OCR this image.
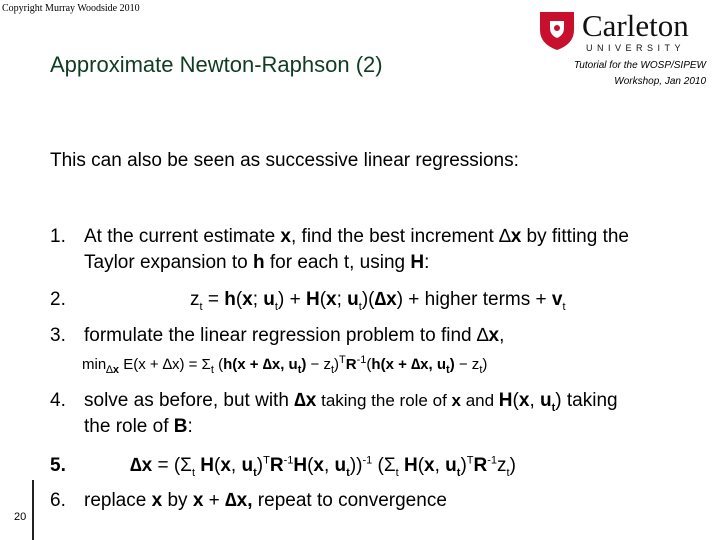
Copyright Murray Woodside 2010
Approximate Newton-Raphson (2)
Carleton
UNIVERSITY
Tutorial for the WOSP/SIPEW
Workshop, Jan 2010
This can also be seen as successive linear regressions:
1. At the current estimate x, find the best increment ∆x by fitting the
Taylor expansion to h for each t, using H:
2.	$z_t = h(x$; $u_t) + H(x$; $u_t)(\Delta x)$ + higher terms + $v_t$
3. formulate the linear regression problem to find ∆x,
$\min_{\Delta x} E(x + \Delta x) = \Sigma_t$ (h(x + ∆x, $u_t) - z_t)^TR^{-1}(h(x + \Delta x$, $u_t) - z_t$)
4. solve as before, but with ∆x taking the role of x and H(x, $u_t$) taking
the role of B:
5.	$\Delta x = (\Sigma_t$ H(x, $u_t)^TR^{-1}H(x$, $u_t))^{-1}$ ($\Sigma_t$ H(x, $u_t)^TR^{-1}z_t$)
6. replace x by x + ∆x, repeat to convergence
20
